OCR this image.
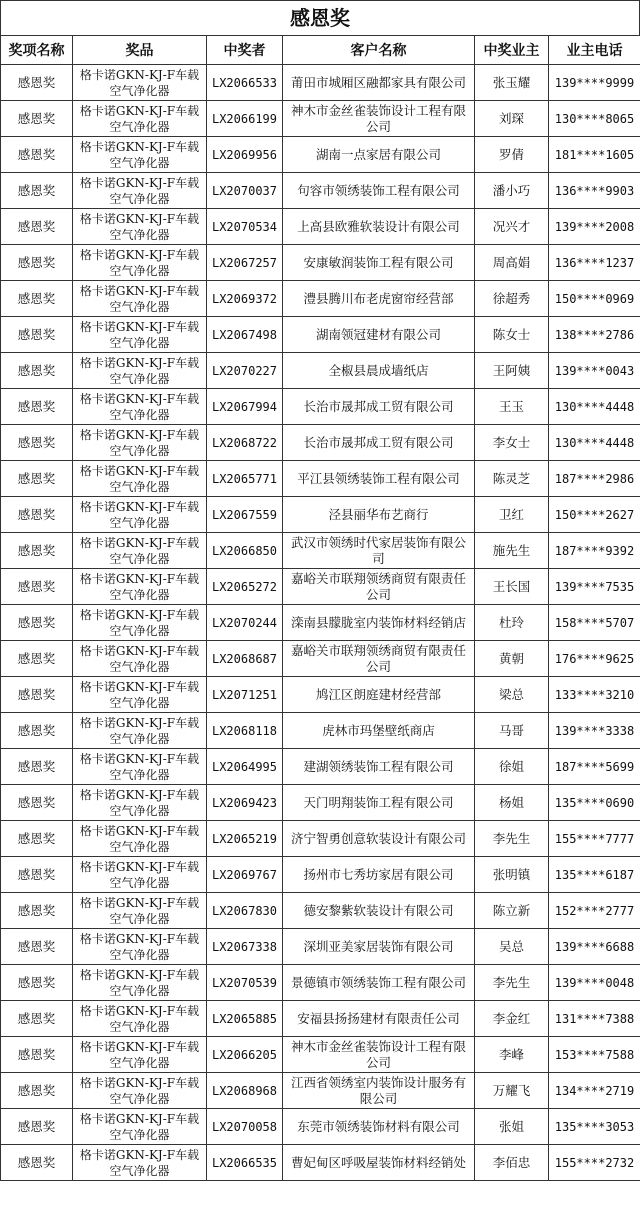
感恩奖
奖项名称	奖品	中奖者	客户名称	中奖业主	业主电话
感恩奖	格卡诺GKN-KJ-F车载空气净化器	LX2066533	莆田市城厢区融都家具有限公司	张玉耀	139****9999
感恩奖	格卡诺GKN-KJ-F车载空气净化器	LX2066199	神木市金丝雀装饰设计工程有限公司	刘琛	130****8065
感恩奖	格卡诺GKN-KJ-F车载空气净化器	LX2069956	湖南一点家居有限公司	罗倩	181****1605
感恩奖	格卡诺GKN-KJ-F车载空气净化器	LX2070037	句容市领绣装饰工程有限公司	潘小巧	136****9903
感恩奖	格卡诺GKN-KJ-F车载空气净化器	LX2070534	上高县欧雅软装设计有限公司	况兴才	139****2008
感恩奖	格卡诺GKN-KJ-F车载空气净化器	LX2067257	安康敏润装饰工程有限公司	周高娟	136****1237
感恩奖	格卡诺GKN-KJ-F车载空气净化器	LX2069372	澧县腾川布老虎窗帘经营部	徐超秀	150****0969
感恩奖	格卡诺GKN-KJ-F车载空气净化器	LX2067498	湖南领冠建材有限公司	陈女士	138****2786
感恩奖	格卡诺GKN-KJ-F车载空气净化器	LX2070227	全椒县晨成墙纸店	王阿姨	139****0043
感恩奖	格卡诺GKN-KJ-F车载空气净化器	LX2067994	长治市晟邦成工贸有限公司	王玉	130****4448
感恩奖	格卡诺GKN-KJ-F车载空气净化器	LX2068722	长治市晟邦成工贸有限公司	李女士	130****4448
感恩奖	格卡诺GKN-KJ-F车载空气净化器	LX2065771	平江县领绣装饰工程有限公司	陈灵芝	187****2986
感恩奖	格卡诺GKN-KJ-F车载空气净化器	LX2067559	泾县丽华布艺商行	卫红	150****2627
感恩奖	格卡诺GKN-KJ-F车载空气净化器	LX2066850	武汉市领绣时代家居装饰有限公司	施先生	187****9392
感恩奖	格卡诺GKN-KJ-F车载空气净化器	LX2065272	嘉峪关市联翔领绣商贸有限责任公司	王长国	139****7535
感恩奖	格卡诺GKN-KJ-F车载空气净化器	LX2070244	滦南县朦胧室内装饰材料经销店	杜玲	158****5707
感恩奖	格卡诺GKN-KJ-F车载空气净化器	LX2068687	嘉峪关市联翔领绣商贸有限责任公司	黄朝	176****9625
感恩奖	格卡诺GKN-KJ-F车载空气净化器	LX2071251	鸠江区朗庭建材经营部	梁总	133****3210
感恩奖	格卡诺GKN-KJ-F车载空气净化器	LX2068118	虎林市玛堡壁纸商店	马哥	139****3338
感恩奖	格卡诺GKN-KJ-F车载空气净化器	LX2064995	建湖领绣装饰工程有限公司	徐姐	187****5699
感恩奖	格卡诺GKN-KJ-F车载空气净化器	LX2069423	天门明翔装饰工程有限公司	杨姐	135****0690
感恩奖	格卡诺GKN-KJ-F车载空气净化器	LX2065219	济宁智勇创意软装设计有限公司	李先生	155****7777
感恩奖	格卡诺GKN-KJ-F车载空气净化器	LX2069767	扬州市七秀坊家居有限公司	张明镇	135****6187
感恩奖	格卡诺GKN-KJ-F车载空气净化器	LX2067830	德安黎紫软装设计有限公司	陈立新	152****2777
感恩奖	格卡诺GKN-KJ-F车载空气净化器	LX2067338	深圳亚美家居装饰有限公司	吴总	139****6688
感恩奖	格卡诺GKN-KJ-F车载空气净化器	LX2070539	景德镇市领绣装饰工程有限公司	李先生	139****0048
感恩奖	格卡诺GKN-KJ-F车载空气净化器	LX2065885	安福县扬扬建材有限责任公司	李金红	131****7388
感恩奖	格卡诺GKN-KJ-F车载空气净化器	LX2066205	神木市金丝雀装饰设计工程有限公司	李峰	153****7588
感恩奖	格卡诺GKN-KJ-F车载空气净化器	LX2068968	江西省领绣室内装饰设计服务有限公司	万耀飞	134****2719
感恩奖	格卡诺GKN-KJ-F车载空气净化器	LX2070058	东莞市领绣装饰材料有限公司	张姐	135****3053
感恩奖	格卡诺GKN-KJ-F车载空气净化器	LX2066535	曹妃甸区呼吸屋装饰材料经销处	李佰忠	155****2732
